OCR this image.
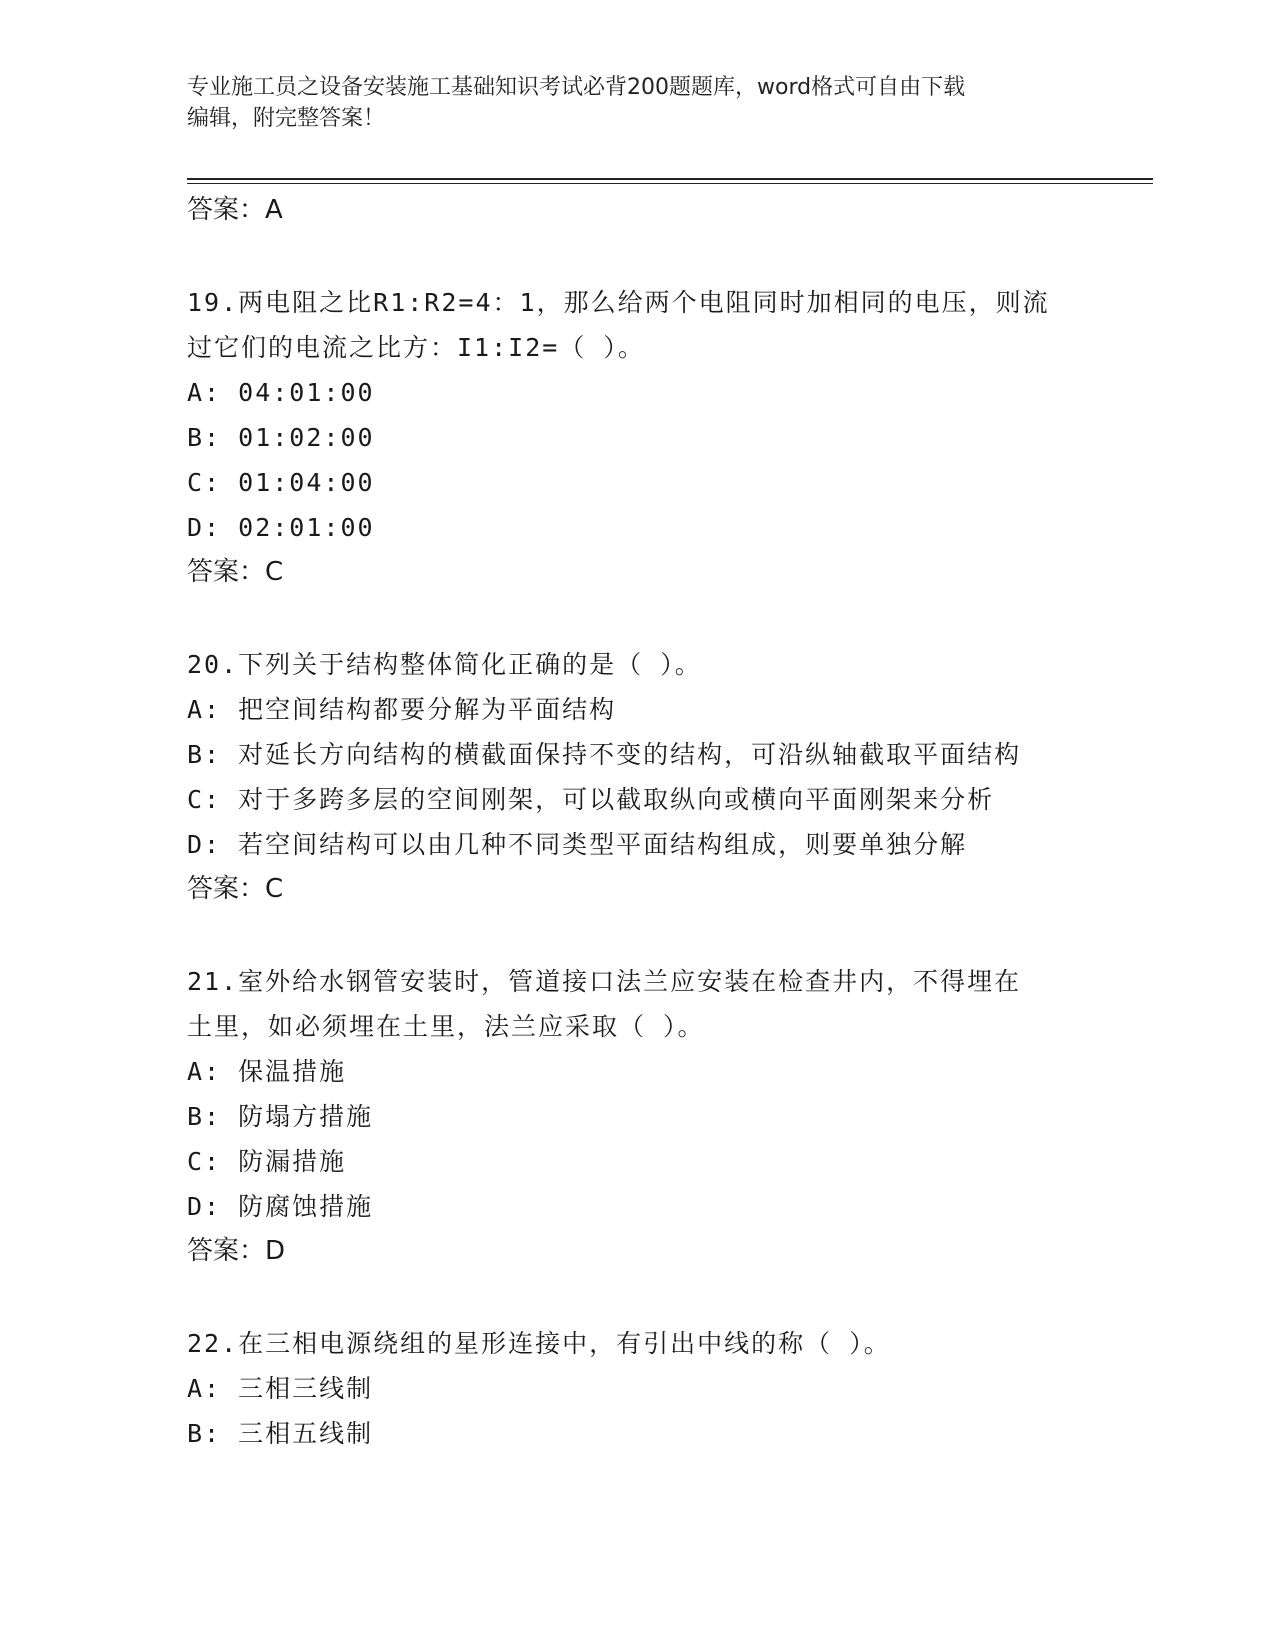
专业施工员之设备安装施工基础知识考试必背200题题库，word格式可自由下载
编辑，附完整答案！
答案：A
19.两电阻之比R1:R2=4：1，那么给两个电阻同时加相同的电压，则流
过它们的电流之比方：I1:I2=（ ）。
A: 04:01:00
B: 01:02:00
C: 01:04:00
D: 02:01:00
答案：C
20.下列关于结构整体简化正确的是（ ）。
A: 把空间结构都要分解为平面结构
B: 对延长方向结构的横截面保持不变的结构，可沿纵轴截取平面结构
C: 对于多跨多层的空间刚架，可以截取纵向或横向平面刚架来分析
D: 若空间结构可以由几种不同类型平面结构组成，则要单独分解
答案：C
21.室外给水钢管安装时，管道接口法兰应安装在检查井内，不得埋在
土里，如必须埋在土里，法兰应采取（ ）。
A: 保温措施
B: 防塌方措施
C: 防漏措施
D: 防腐蚀措施
答案：D
22.在三相电源绕组的星形连接中，有引出中线的称（ ）。
A: 三相三线制
B: 三相五线制
